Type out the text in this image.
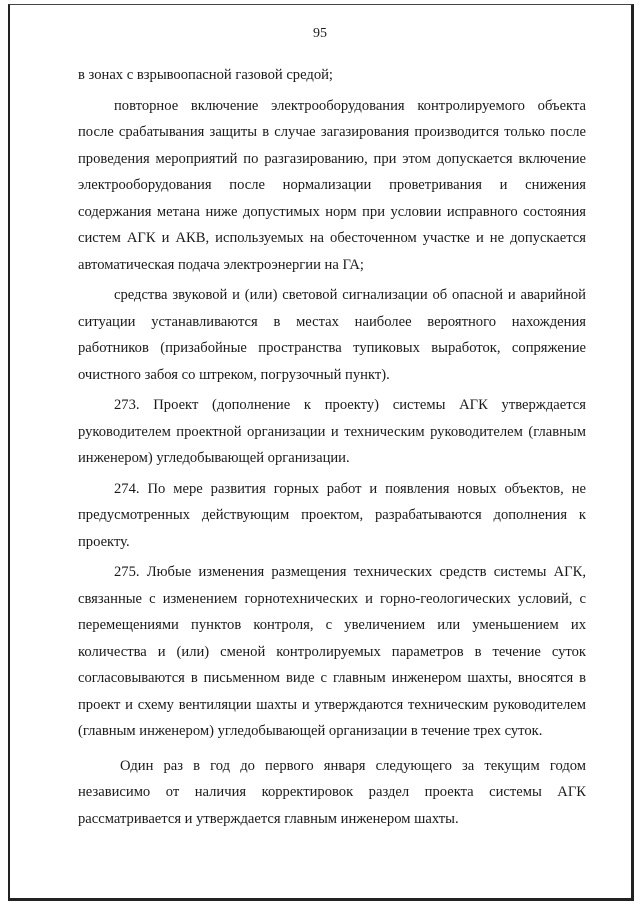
95

в зонах с взрывоопасной газовой средой;

повторное включение электрооборудования контролируемого объекта после срабатывания защиты в случае загазирования производится только после проведения мероприятий по разгазированию, при этом допускается включение электрооборудования после нормализации проветривания и снижения содержания метана ниже допустимых норм при условии исправного состояния систем АГК и АКВ, используемых на обесточенном участке и не допускается автоматическая подача электроэнергии на ГА;

средства звуковой и (или) световой сигнализации об опасной и аварийной ситуации устанавливаются в местах наиболее вероятного нахождения работников (призабойные пространства тупиковых выработок, сопряжение очистного забоя со штреком, погрузочный пункт).

273. Проект (дополнение к проекту) системы АГК утверждается руководителем проектной организации и техническим руководителем (главным инженером) угледобывающей организации.

274. По мере развития горных работ и появления новых объектов, не предусмотренных действующим проектом, разрабатываются дополнения к проекту.

275. Любые изменения размещения технических средств системы АГК, связанные с изменением горнотехнических и горно-геологических условий, с перемещениями пунктов контроля, с увеличением или уменьшением их количества и (или) сменой контролируемых параметров в течение суток согласовываются в письменном виде с главным инженером шахты, вносятся в проект и схему вентиляции шахты и утверждаются техническим руководителем (главным инженером) угледобывающей организации в течение трех суток.

Один раз в год до первого января следующего за текущим годом независимо от наличия корректировок раздел проекта системы АГК рассматривается и утверждается главным инженером шахты.
